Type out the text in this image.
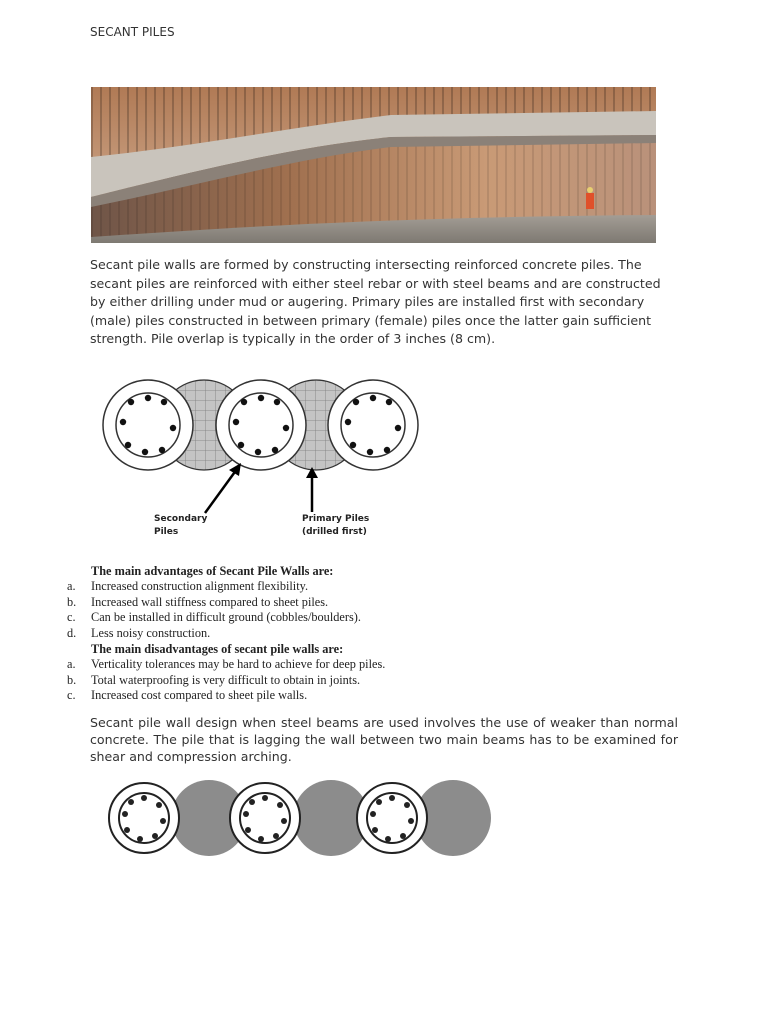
SECANT PILES
Secant pile walls are formed by constructing intersecting reinforced concrete piles. The secant piles are reinforced with either steel rebar or with steel beams and are constructed by either drilling under mud or augering. Primary piles are installed first with secondary (male) piles constructed in between primary (female) piles once the latter gain sufficient strength. Pile overlap is typically in the order of 3 inches (8 cm).
Secondary
Piles
Primary Piles
(drilled first)
The main advantages of Secant Pile Walls are:
a. Increased construction alignment flexibility.
b. Increased wall stiffness compared to sheet piles.
c. Can be installed in difficult ground (cobbles/boulders).
d. Less noisy construction.
The main disadvantages of secant pile walls are:
a. Verticality tolerances may be hard to achieve for deep piles.
b. Total waterproofing is very difficult to obtain in joints.
c. Increased cost compared to sheet pile walls.
Secant pile wall design when steel beams are used involves the use of weaker than normal concrete. The pile that is lagging the wall between two main beams has to be examined for shear and compression arching.
